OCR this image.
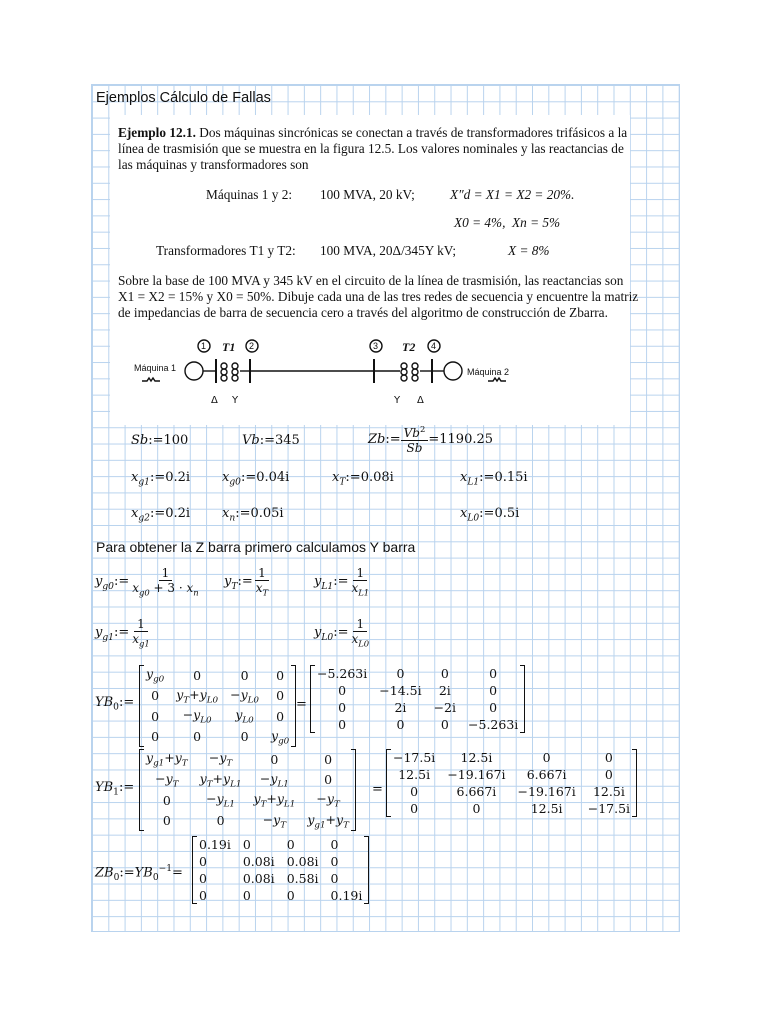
Ejemplos Cálculo de Fallas
Ejemplo 12.1. Dos máquinas sincrónicas se conectan a través de transformadores trifásicos a la
línea de trasmisión que se muestra en la figura 12.5. Los valores nominales y las reactancias de
las máquinas y transformadores son
Máquinas 1 y 2: 100 MVA, 20 kV;	X″d = X1 = X2 = 20%.
X0 = 4%, Xn = 5%
Transformadores T1 y T2: 100 MVA, 20Δ/345Y kV;	X = 8%
Sobre la base de 100 MVA y 345 kV en el circuito de la línea de trasmisión, las reactancias son
X1 = X2 = 15% y X0 = 50%. Dibuje cada una de las tres redes de secuencia y encuentre la matriz
de impedancias de barra de secuencia cero a través del algoritmo de construcción de Zbarra.
1	2	3	4
Máquina 1	Máquina 2
T1	T2
Δ Y	Y Δ
Sb:=100	Vb:=345	Zb:= $\frac{Vb^2}{Sb} =1190.25$
$x_{g1}:=0.2i$ $x_{g0}:=0.04i$	$x_T:=0.08i$	$x_{L1}:=0.15i$
$x_{g2}:=0.2i$ $x_n:=0.05i$	$x_{L0}:=0.5i$
Para obtener la Z barra primero calculamos Y barra
$y_{g0}:= \frac{1}{x_{g0} + 3 \cdot x_n}$ $y_T:= \frac{1}{x_T}$	$y_{L1}:= \frac{1}{x_{L1}}$
$y_{g1}:= \frac{1}{x_{g1}}$	$y_{L0}:= \frac{1}{x_{L0}}$
$YB_0:=$
$y_{g0}$	0	0	0
0	$y_T+y_{L0}$	$-y_{L0}$	0
0	$-y_{L0}$	$y_{L0}$	0
0	0	0	$y_{g0}$
=
−5.263i	0	0	0
0	−14.5i	2i	0
0	2i	−2i	0
0	0	0	−5.263i
$YB_1:=$
$y_{g1}+y_T$	$-y_T$	0	0
$-y_T$	$y_T+y_{L1}$	$-y_{L1}$	0
0	$-y_{L1}$	$y_T+y_{L1}$	$-y_T$
0	0	$-y_T$	$y_{g1}+y_T$
=
−17.5i	12.5i	0	0
12.5i	−19.167i	6.667i	0
0	6.667i	−19.167i	12.5i
0	0	12.5i	−17.5i
$ZB_0:=YB_0^{-1}=$
0.19i	0	0	0
0	0.08i	0.08i	0
0	0.08i	0.58i	0
0	0	0	0.19i
